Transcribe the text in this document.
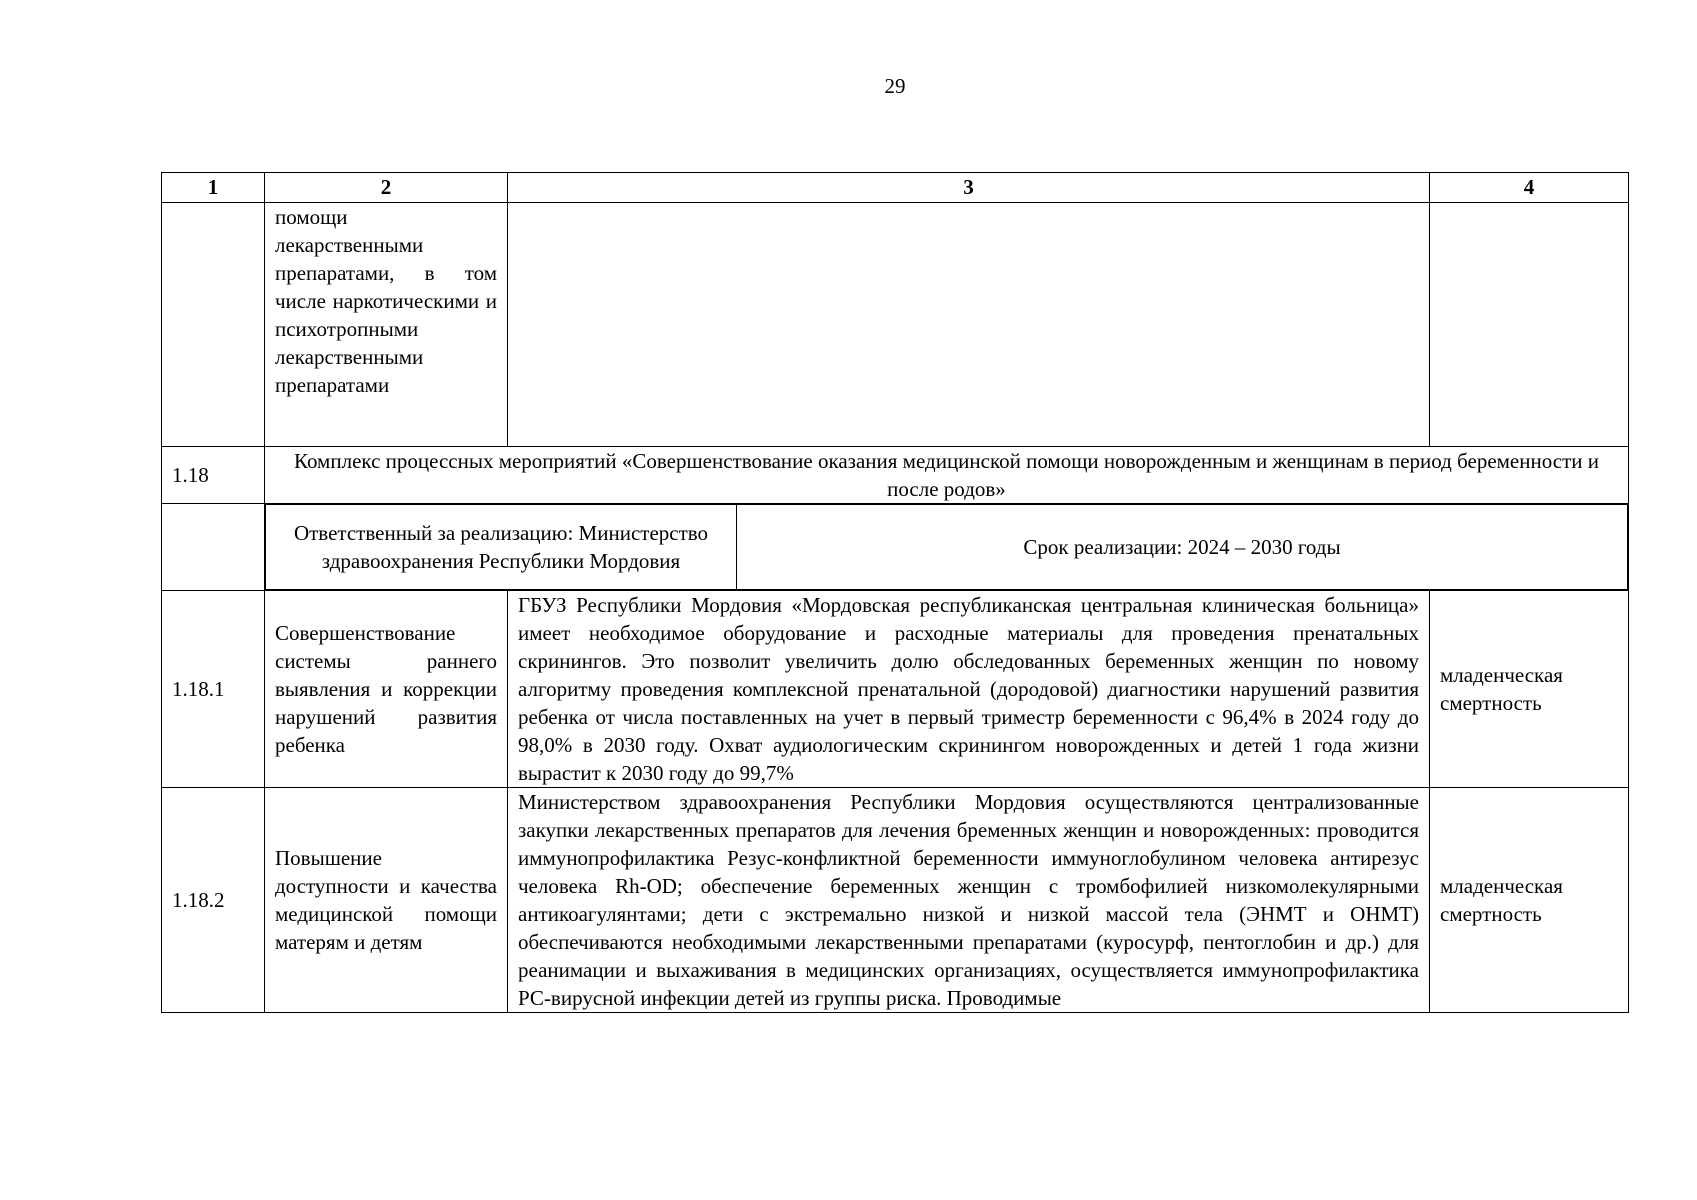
29
1	2	3	4
	помощи лекарственными препаратами, в том числе наркотическими и психотропными лекарственными препаратами		
1.18	Комплекс процессных мероприятий «Совершенствование оказания медицинской помощи новорожденным и женщинам в период беременности и после родов»

Ответственный за реализацию: Министерство здравоохранения Республики Мордовия	Срок реализации: 2024 – 2030 годы

1.18.1	Совершенствование системы раннего выявления и коррекции нарушений развития ребенка	ГБУЗ Республики Мордовия «Мордовская республиканская центральная клиническая больница» имеет необходимое оборудование и расходные материалы для проведения пренатальных скринингов. Это позволит увеличить долю обследованных беременных женщин по новому алгоритму проведения комплексной пренатальной (дородовой) диагностики нарушений развития ребенка от числа поставленных на учет в первый триместр беременности с 96,4% в 2024 году до 98,0% в 2030 году. Охват аудиологическим скринингом новорожденных и детей 1 года жизни вырастит к 2030 году до 99,7%	младенческая смертность
1.18.2	Повышение доступности и качества медицинской помощи матерям и детям	Министерством здравоохранения Республики Мордовия осуществляются централизованные закупки лекарственных препаратов для лечения бременных женщин и новорожденных: проводится иммунопрофилактика Резус-конфликтной беременности иммуноглобулином человека антирезус человека Rh-OD; обеспечение беременных женщин с тромбофилией низкомолекулярными антикоагулянтами; дети с экстремально низкой и низкой массой тела (ЭНМТ и ОНМТ) обеспечиваются необходимыми лекарственными препаратами (куросурф, пентоглобин и др.) для реанимации и выхаживания в медицинских организациях, осуществляется иммунопрофилактика РС-вирусной инфекции детей из группы риска. Проводимые	младенческая смертность
